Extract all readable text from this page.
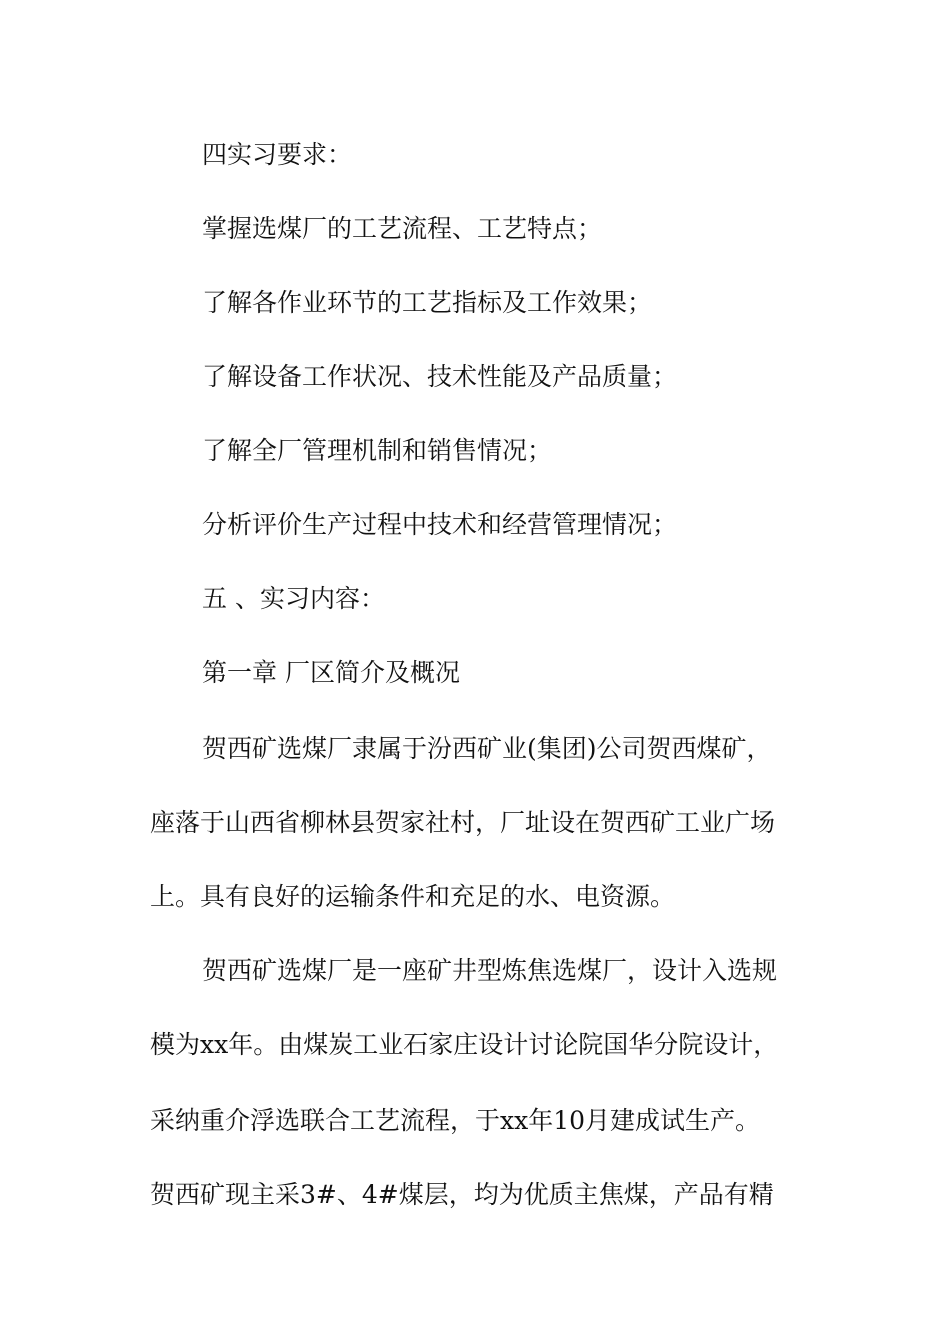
四实习要求：
掌握选煤厂的工艺流程、工艺特点；
了解各作业环节的工艺指标及工作效果；
了解设备工作状况、技术性能及产品质量；
了解全厂管理机制和销售情况；
分析评价生产过程中技术和经营管理情况；
五 、实习内容：
第一章 厂区简介及概况
贺西矿选煤厂隶属于汾西矿业(集团)公司贺西煤矿，
座落于山西省柳林县贺家社村，厂址设在贺西矿工业广场
上。具有良好的运输条件和充足的水、电资源。
贺西矿选煤厂是一座矿井型炼焦选煤厂，设计入选规
模为xx年。由煤炭工业石家庄设计讨论院国华分院设计，
采纳重介浮选联合工艺流程，于xx年10月建成试生产。
贺西矿现主采3#、4#煤层，均为优质主焦煤，产品有精
